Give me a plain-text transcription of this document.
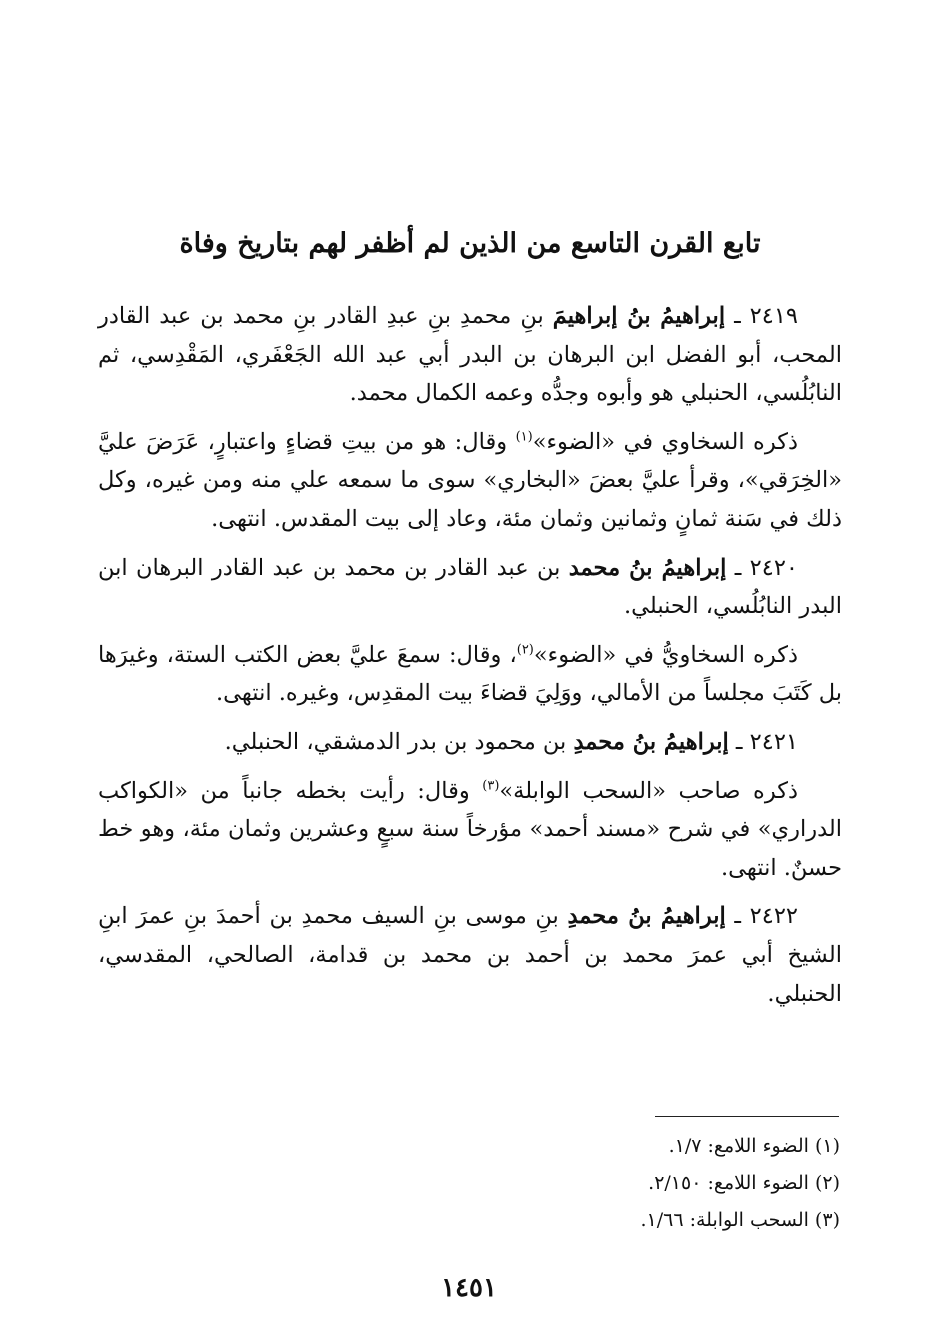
تابع القرن التاسع من الذين لم أظفر لهم بتاريخ وفاة

٢٤١٩ ـ إبراهيمُ بنُ إبراهيمَ بنِ محمدِ بنِ عبدِ القادر بنِ محمد بن عبد القادر المحب، أبو الفضل ابن البرهان بن البدر أبي عبد الله الجَعْفَري، المَقْدِسي، ثم النابُلُسي، الحنبلي هو وأبوه وجدُّه وعمه الكمال محمد.

ذكره السخاوي في «الضوء»$^{(١)}$ وقال: هو من بيتِ قضاءٍ واعتبارٍ، عَرَضَ عليَّ «الخِرَقي»، وقرأ عليَّ بعضَ «البخاري» سوى ما سمعه علي منه ومن غيره، وكل ذلك في سَنة ثمانٍ وثمانين وثمان مئة، وعاد إلى بيت المقدس. انتهى.

٢٤٢٠ ـ إبراهيمُ بنُ محمد بن عبد القادر بن محمد بن عبد القادر البرهان ابن البدر النابُلُسي، الحنبلي.

ذكره السخاويُّ في «الضوء»$^{(٢)}$، وقال: سمعَ عليَّ بعض الكتب الستة، وغيرَها بل كَتَبَ مجلساً من الأمالي، ووَلِيَ قضاءَ بيت المقدِس، وغيره. انتهى.

٢٤٢١ ـ إبراهيمُ بنُ محمدِ بن محمود بن بدر الدمشقي، الحنبلي.

ذكره صاحب «السحب الوابلة»$^{(٣)}$ وقال: رأيت بخطه جانباً من «الكواكب الدراري» في شرح «مسند أحمد» مؤرخاً سنة سبعٍ وعشرين وثمان مئة، وهو خط حسنٌ. انتهى.

٢٤٢٢ ـ إبراهيمُ بنُ محمدِ بنِ موسى بنِ السيف محمدِ بن أحمدَ بنِ عمرَ ابنِ الشيخ أبي عمرَ محمد بن أحمد بن محمد بن قدامة، الصالحي، المقدسي، الحنبلي.

(١) الضوء اللامع: ١/٧.
(٢) الضوء اللامع: ٢/١٥٠.
(٣) السحب الوابلة: ١/٦٦.
١٤٥١
